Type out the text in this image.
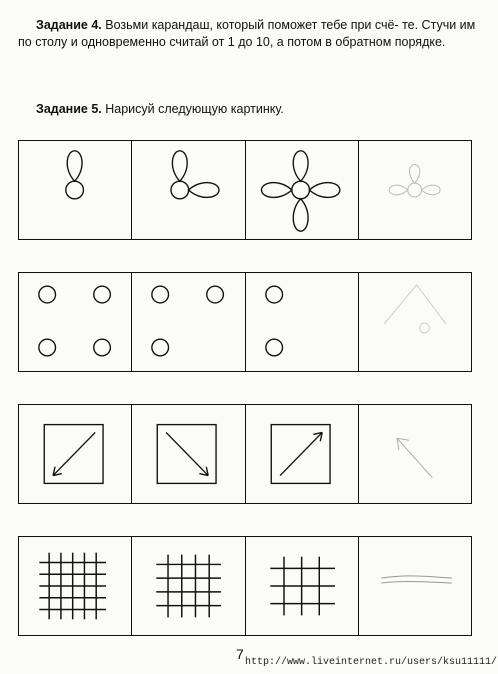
Задание 4. Возьми карандаш, который поможет тебе при счё- те. Стучи им по столу и одновременно считай от 1 до 10, а потом в обратном порядке.
Задание 5. Нарисуй следующую картинку.
7
http://www.liveinternet.ru/users/ksu11111/
